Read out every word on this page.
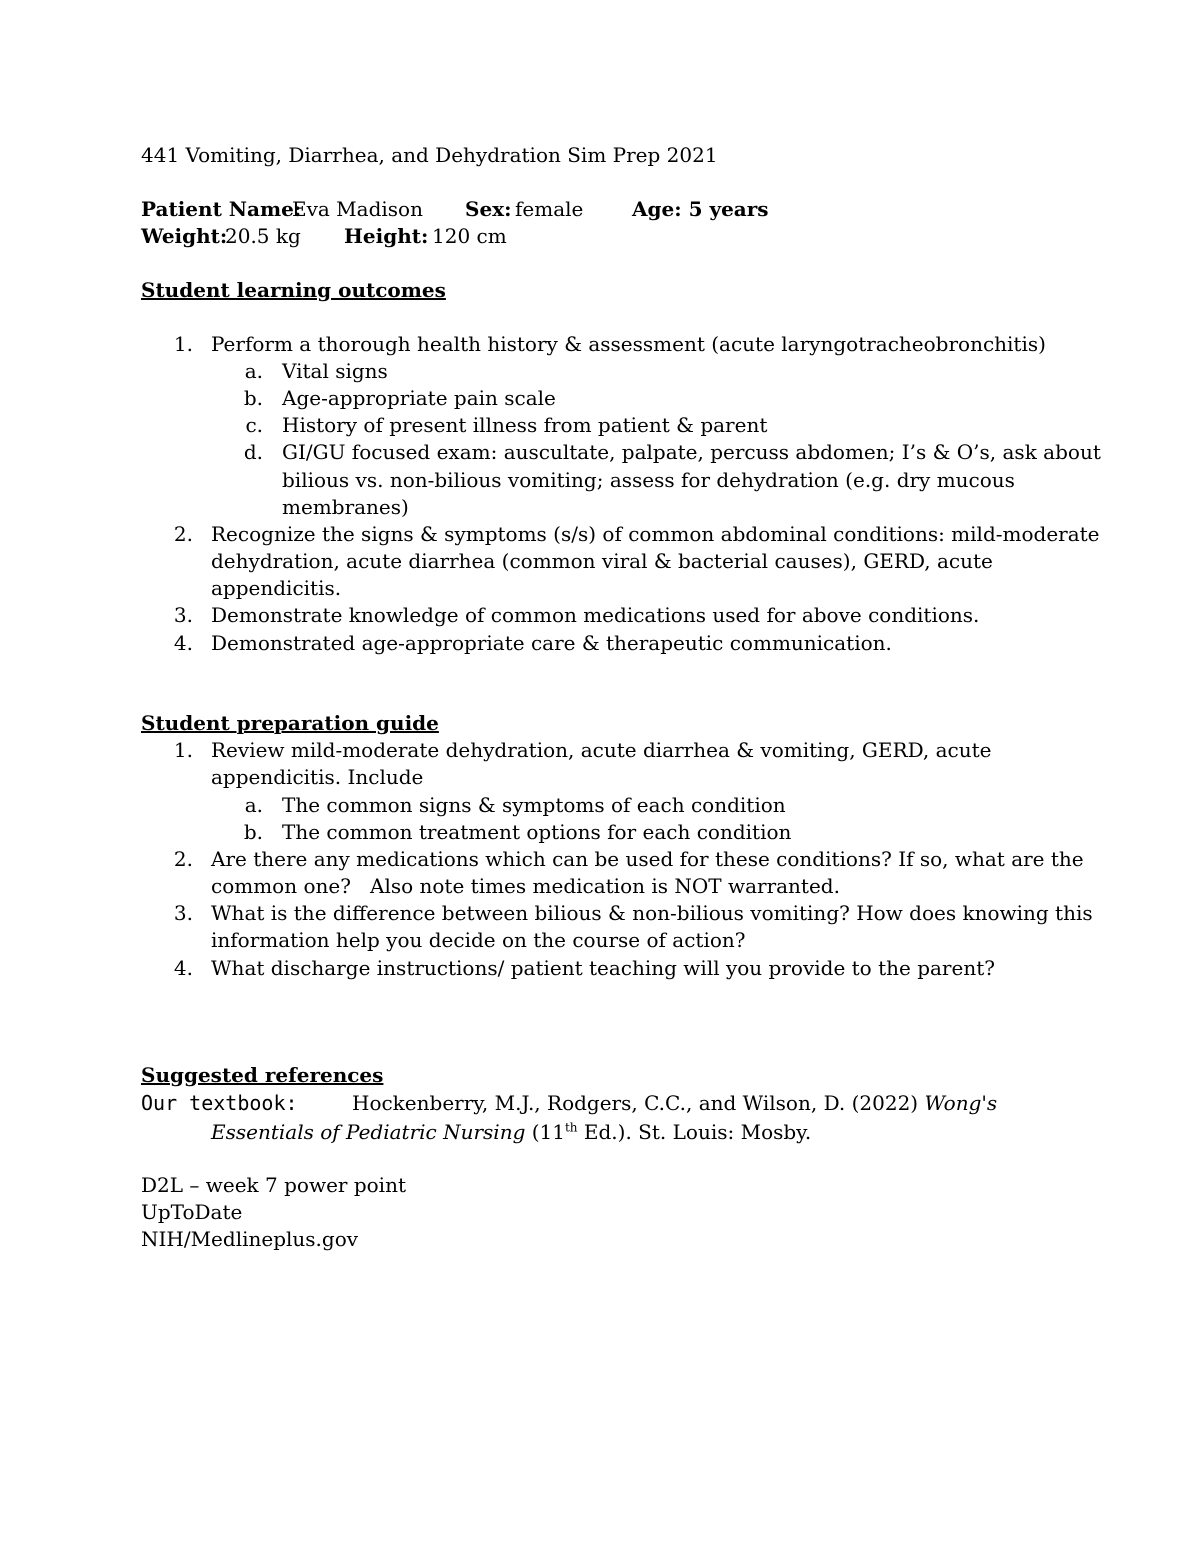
441 Vomiting, Diarrhea, and Dehydration Sim Prep 2021
Patient Name:
Eva Madison Sex: female Age: 5 years
Weight:
20.5 kg Height: 120 cm
Student learning outcomes
1. Perform a thorough health history & assessment (acute laryngotracheobronchitis)
a. Vital signs
b. Age-appropriate pain scale
c. History of present illness from patient & parent
d. GI/GU focused exam: auscultate, palpate, percuss abdomen; I’s & O’s, ask about
bilious vs. non-bilious vomiting; assess for dehydration (e.g. dry mucous
membranes)
2. Recognize the signs & symptoms (s/s) of common abdominal conditions: mild-moderate
dehydration, acute diarrhea (common viral & bacterial causes), GERD, acute
appendicitis.
3. Demonstrate knowledge of common medications used for above conditions.
4. Demonstrated age-appropriate care & therapeutic communication.
Student preparation guide
1. Review mild-moderate dehydration, acute diarrhea & vomiting, GERD, acute
appendicitis. Include
a. The common signs & symptoms of each condition
b. The common treatment options for each condition
2. Are there any medications which can be used for these conditions? If so, what are the
common one?   Also note times medication is NOT warranted.
3. What is the difference between bilious & non-bilious vomiting? How does knowing this
information help you decide on the course of action?
4. What discharge instructions/ patient teaching will you provide to the parent?
Suggested references
Our textbook:	Hockenberry, M.J., Rodgers, C.C., and Wilson, D. (2022) Wong's
Essentials of Pediatric Nursing (11th Ed.). St. Louis: Mosby.
D2L – week 7 power point
UpToDate
NIH/Medlineplus.gov
